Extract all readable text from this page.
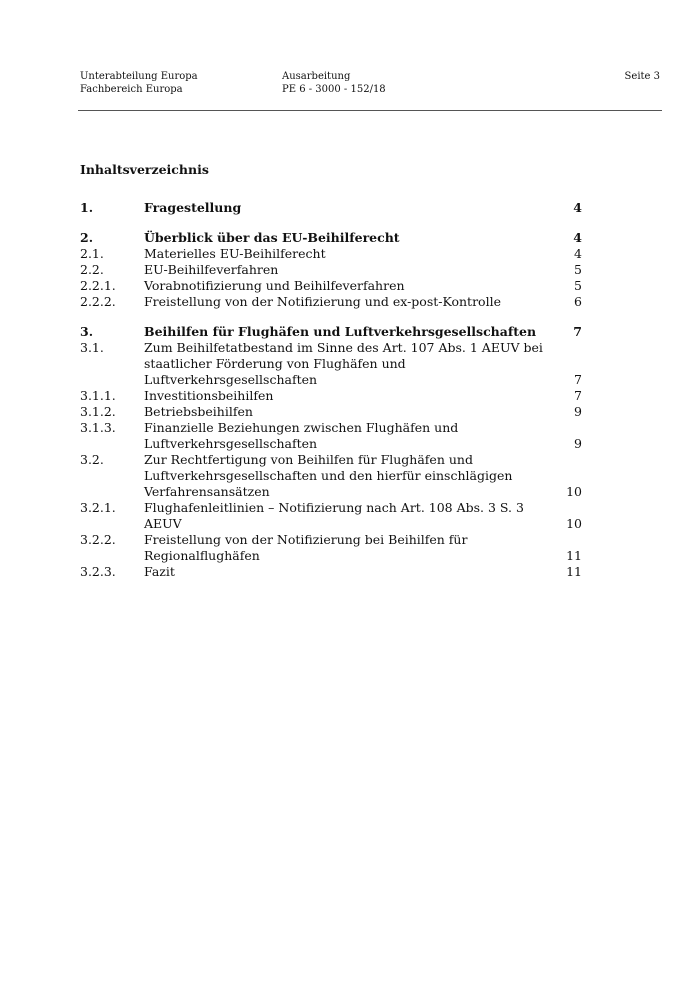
Unterabteilung Europa
Fachbereich Europa
Ausarbeitung
PE 6 - 3000 - 152/18
Seite 3
Inhaltsverzeichnis
1.	Fragestellung	4
2.	Überblick über das EU-Beihilferecht	4
2.1.	Materielles EU-Beihilferecht	4
2.2.	EU-Beihilfeverfahren	5
2.2.1. Vorabnotifizierung und Beihilfeverfahren	5
2.2.2. Freistellung von der Notifizierung und ex-post-Kontrolle	6
3.	Beihilfen für Flughäfen und Luftverkehrsgesellschaften	7
3.1.	Zum Beihilfetatbestand im Sinne des Art. 107 Abs. 1 AEUV bei staatlicher Förderung von Flughäfen und Luftverkehrsgesellschaften	7
3.1.1. Investitionsbeihilfen	7
3.1.2. Betriebsbeihilfen	9
3.1.3. Finanzielle Beziehungen zwischen Flughäfen und Luftverkehrsgesellschaften	9
3.2.	Zur Rechtfertigung von Beihilfen für Flughäfen und Luftverkehrsgesellschaften und den hierfür einschlägigen Verfahrensansätzen	10
3.2.1. Flughafenleitlinien – Notifizierung nach Art. 108 Abs. 3 S. 3 AEUV	10
3.2.2. Freistellung von der Notifizierung bei Beihilfen für Regionalflughäfen	11
3.2.3. Fazit	11
